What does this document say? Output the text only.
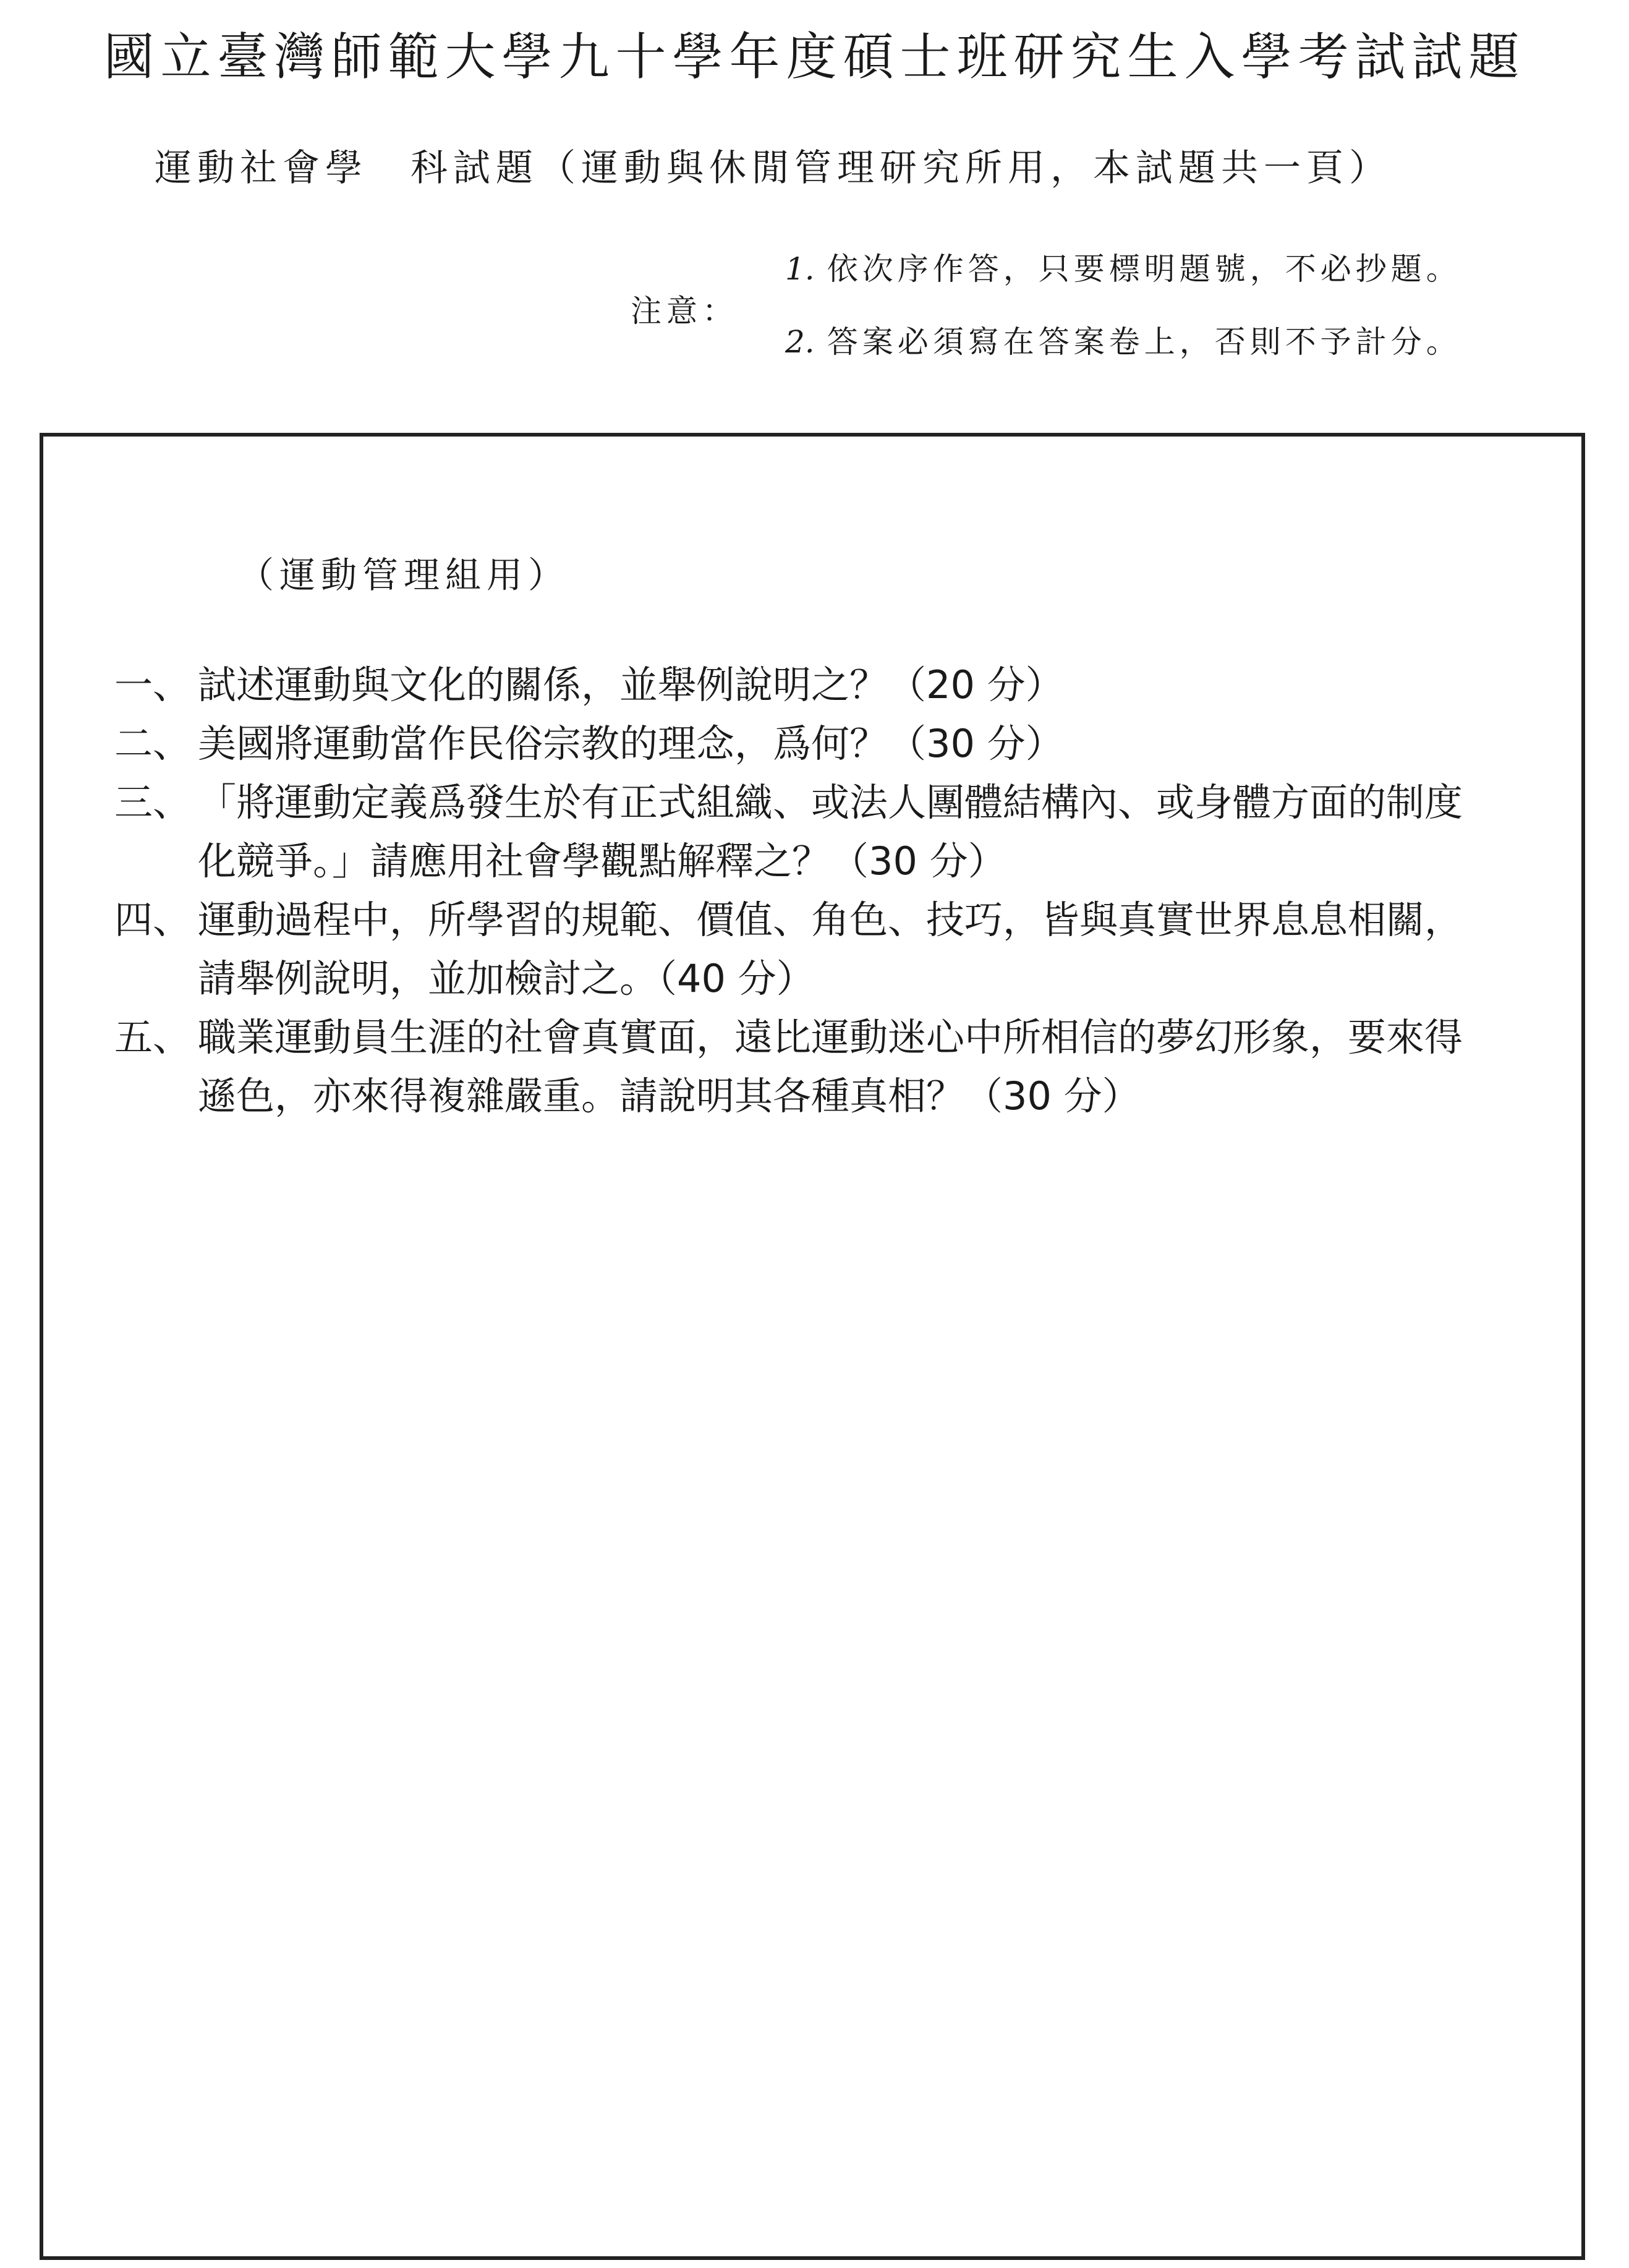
國立臺灣師範大學九十學年度碩士班研究生入學考試試題
運動社會學　科試題（運動與休閒管理研究所用，本試題共一頁）
注意：
1. 依次序作答，只要標明題號，不必抄題。
2. 答案必須寫在答案卷上，否則不予計分。
（運動管理組用）
一、 試述運動與文化的關係，並舉例說明之？（20 分）
二、 美國將運動當作民俗宗教的理念，爲何？（30 分）
三、 「將運動定義爲發生於有正式組織、或法人團體結構內、或身體方面的制度
化競爭。」請應用社會學觀點解釋之？（30 分）
四、 運動過程中，所學習的規範、價值、角色、技巧，皆與真實世界息息相關，
請舉例說明，並加檢討之。（40 分）
五、 職業運動員生涯的社會真實面，遠比運動迷心中所相信的夢幻形象，要來得
遜色，亦來得複雜嚴重。請說明其各種真相？（30 分）
